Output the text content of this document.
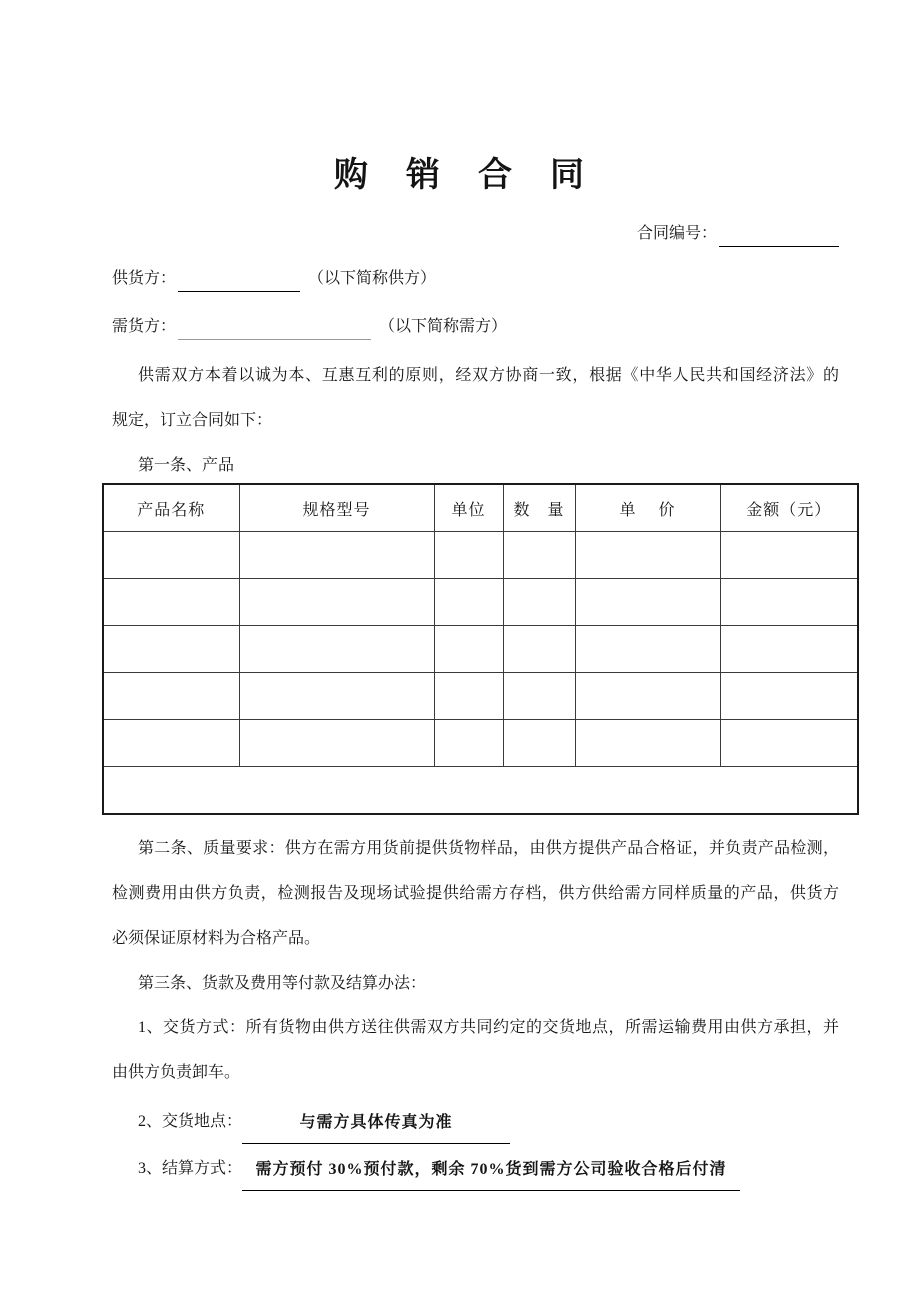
购　销　合　同
合同编号：
供货方：	（以下简称供方）
需货方：	（以下简称需方）
供需双方本着以诚为本、互惠互利的原则，经双方协商一致，根据《中华人民共和国经济法》的
规定，订立合同如下：
第一条、产品
产品名称	规格型号	单位	数　量	单　 价	金额（元）

第二条、质量要求：供方在需方用货前提供货物样品，由供方提供产品合格证，并负责产品检测，
检测费用由供方负责，检测报告及现场试验提供给需方存档，供方供给需方同样质量的产品，供货方
必须保证原材料为合格产品。
第三条、货款及费用等付款及结算办法：
1、交货方式：所有货物由供方送往供需双方共同约定的交货地点，所需运输费用由供方承担，并
由供方负责卸车。
2、交货地点：	与需方具体传真为准
3、结算方式： 需方预付 30%预付款，剩余 70%货到需方公司验收合格后付清
